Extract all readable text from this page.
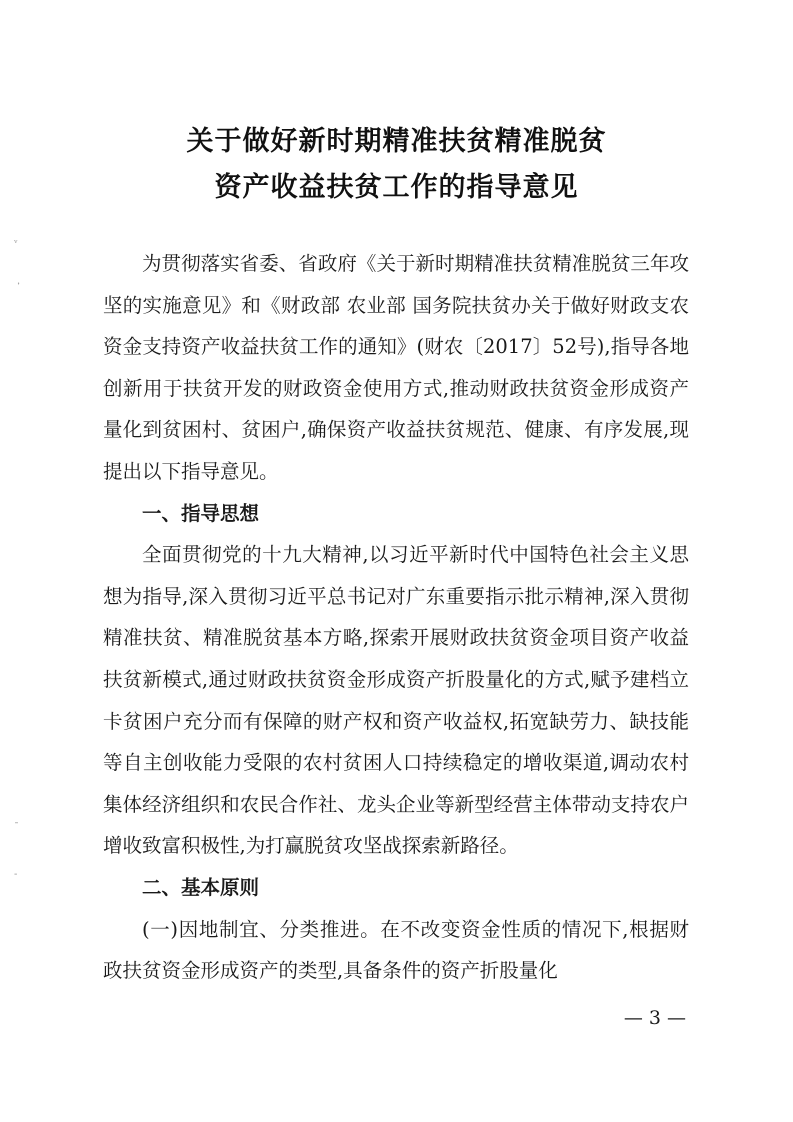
关于做好新时期精准扶贫精准脱贫
资产收益扶贫工作的指导意见

为贯彻落实省委、省政府《关于新时期精准扶贫精准脱贫三年攻坚的实施意见》和《财政部 农业部 国务院扶贫办关于做好财政支农资金支持资产收益扶贫工作的通知》(财农〔2017〕52号),指导各地创新用于扶贫开发的财政资金使用方式,推动财政扶贫资金形成资产量化到贫困村、贫困户,确保资产收益扶贫规范、健康、有序发展,现提出以下指导意见。

一、指导思想

全面贯彻党的十九大精神,以习近平新时代中国特色社会主义思想为指导,深入贯彻习近平总书记对广东重要指示批示精神,深入贯彻精准扶贫、精准脱贫基本方略,探索开展财政扶贫资金项目资产收益扶贫新模式,通过财政扶贫资金形成资产折股量化的方式,赋予建档立卡贫困户充分而有保障的财产权和资产收益权,拓宽缺劳力、缺技能等自主创收能力受限的农村贫困人口持续稳定的增收渠道,调动农村集体经济组织和农民合作社、龙头企业等新型经营主体带动支持农户增收致富积极性,为打赢脱贫攻坚战探索新路径。

二、基本原则

(一)因地制宜、分类推进。在不改变资金性质的情况下,根据财政扶贫资金形成资产的类型,具备条件的资产折股量化

— 3 —
ᵥ
᾽
ˉ
-
